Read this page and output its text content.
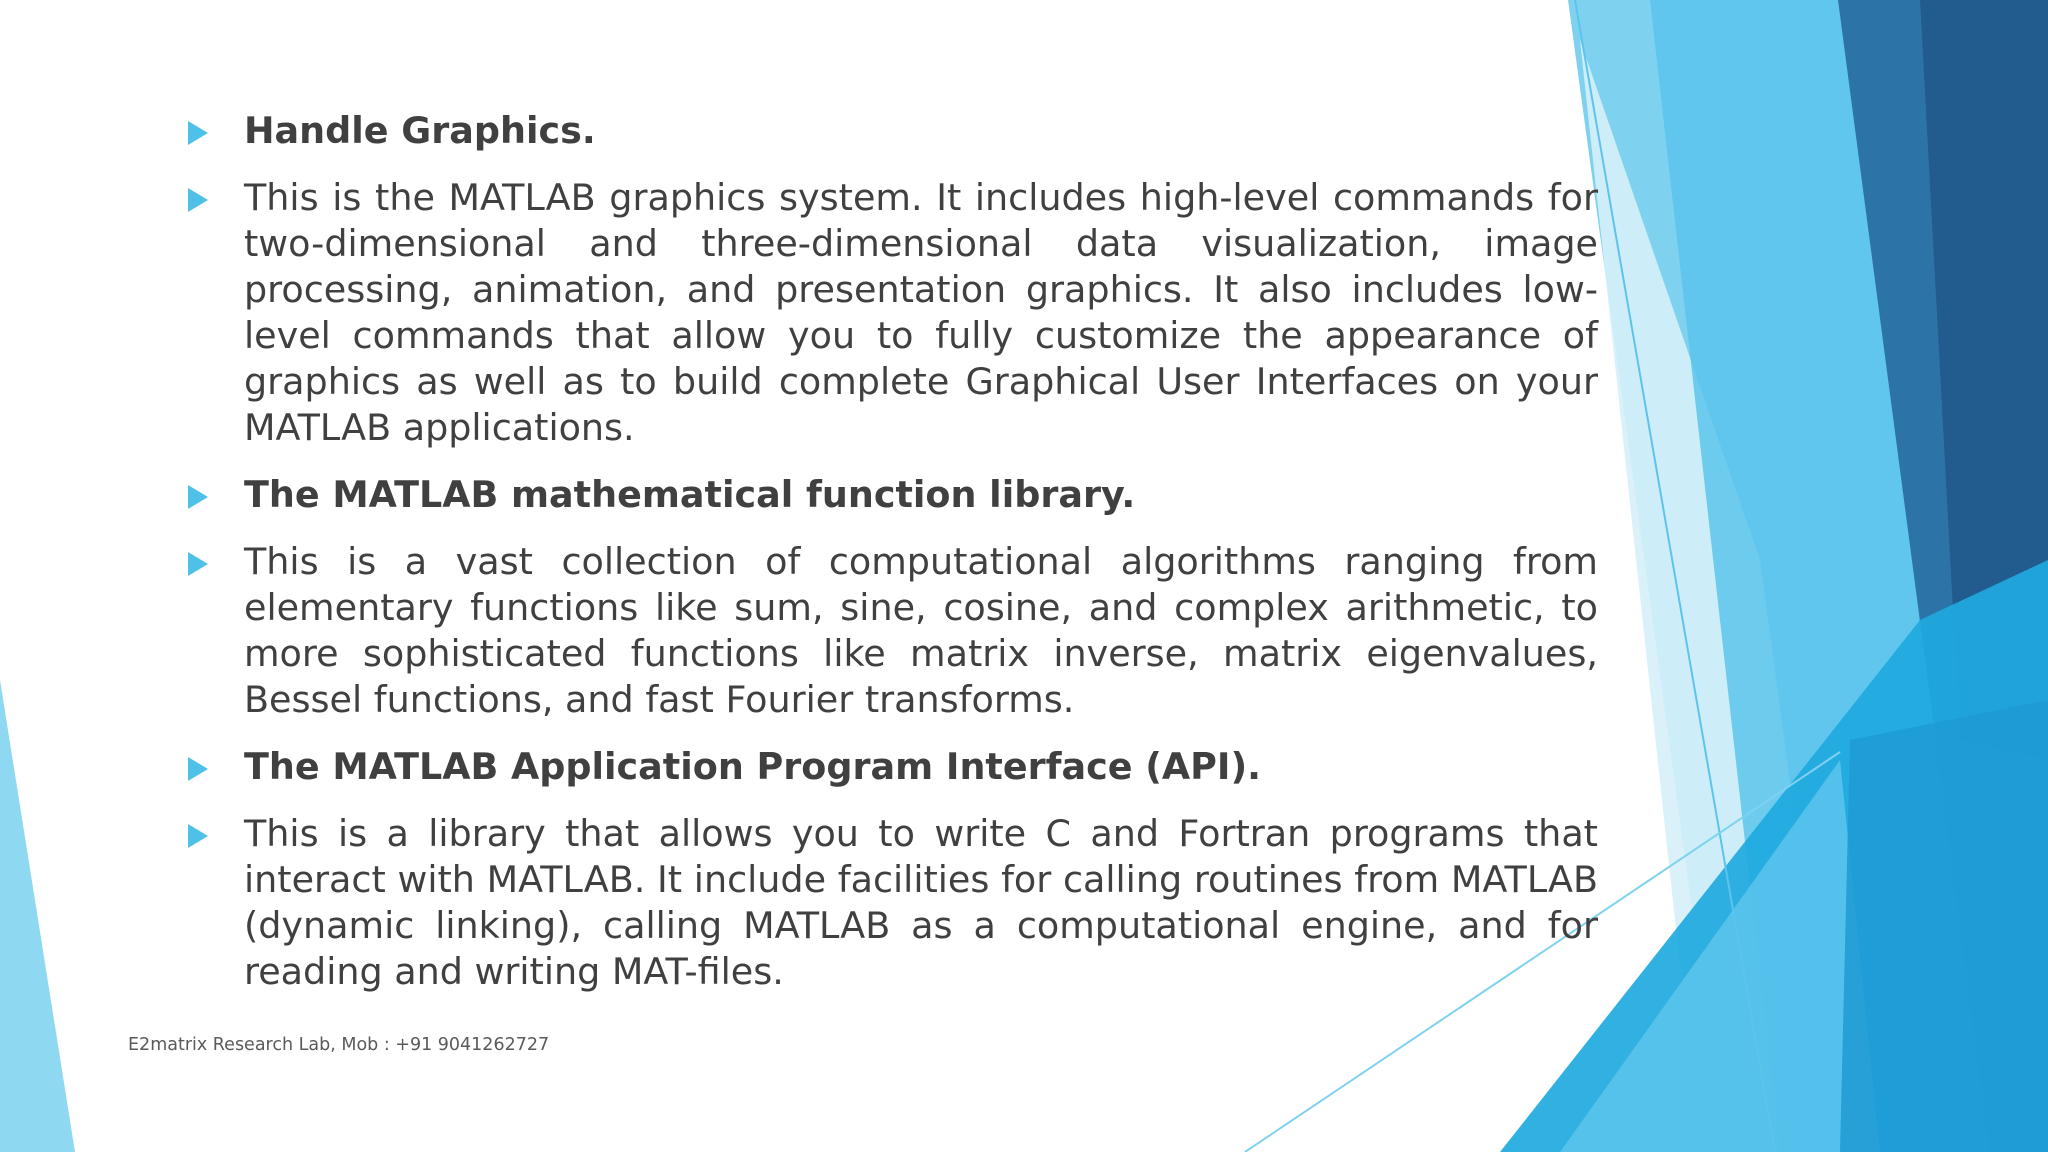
Handle Graphics.

This is the MATLAB graphics system. It includes high-level commands for two-dimensional and three-dimensional data visualization, image processing, animation, and presentation graphics. It also includes low-level commands that allow you to fully customize the appearance of graphics as well as to build complete Graphical User Interfaces on your MATLAB applications.

The MATLAB mathematical function library.

This is a vast collection of computational algorithms ranging from elementary functions like sum, sine, cosine, and complex arithmetic, to more sophisticated functions like matrix inverse, matrix eigenvalues, Bessel functions, and fast Fourier transforms.

The MATLAB Application Program Interface (API).

This is a library that allows you to write C and Fortran programs that interact with MATLAB. It include facilities for calling routines from MATLAB (dynamic linking), calling MATLAB as a computational engine, and for reading and writing MAT-files.

E2matrix Research Lab, Mob : +91 9041262727
